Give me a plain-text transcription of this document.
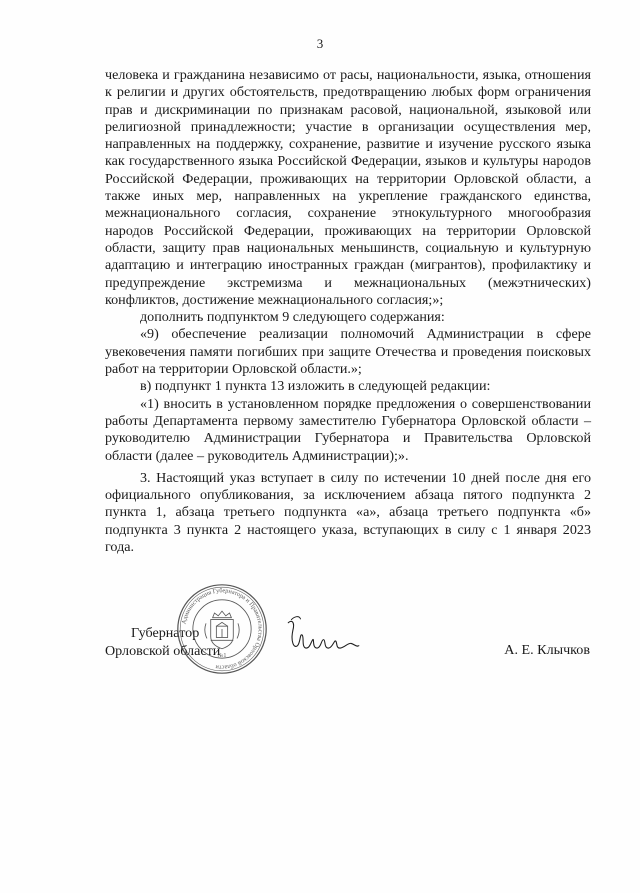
3

человека и гражданина независимо от расы, национальности, языка, отношения к религии и других обстоятельств, предотвращению любых форм ограничения прав и дискриминации по признакам расовой, национальной, языковой или религиозной принадлежности; участие в организации осуществления мер, направленных на поддержку, сохранение, развитие и изучение русского языка как государственного языка Российской Федерации, языков и культуры народов Российской Федерации, проживающих на территории Орловской области, а также иных мер, направленных на укрепление гражданского единства, межнационального согласия, сохранение этнокультурного многообразия народов Российской Федерации, проживающих на территории Орловской области, защиту прав национальных меньшинств, социальную и культурную адаптацию и интеграцию иностранных граждан (мигрантов), профилактику и предупреждение экстремизма и межнациональных (межэтнических) конфликтов, достижение межнационального согласия;»;

дополнить подпунктом 9 следующего содержания:

«9) обеспечение реализации полномочий Администрации в сфере увековечения памяти погибших при защите Отечества и проведения поисковых работ на территории Орловской области.»;

в) подпункт 1 пункта 13 изложить в следующей редакции:

«1) вносить в установленном порядке предложения о совершенствовании работы Департамента первому заместителю Губернатора Орловской области – руководителю Администрации Губернатора и Правительства Орловской области (далее – руководитель Администрации);».

3. Настоящий указ вступает в силу по истечении 10 дней после дня его официального опубликования, за исключением абзаца пятого подпункта 2 пункта 1, абзаца третьего подпункта «а», абзаца третьего подпункта «б» подпункта 3 пункта 2 настоящего указа, вступающих в силу с 1 января 2023 года.

Губернатор
Орловской области	А. Е. Клычков
Администрация Губернатора и Правительства Орловской области
№1
